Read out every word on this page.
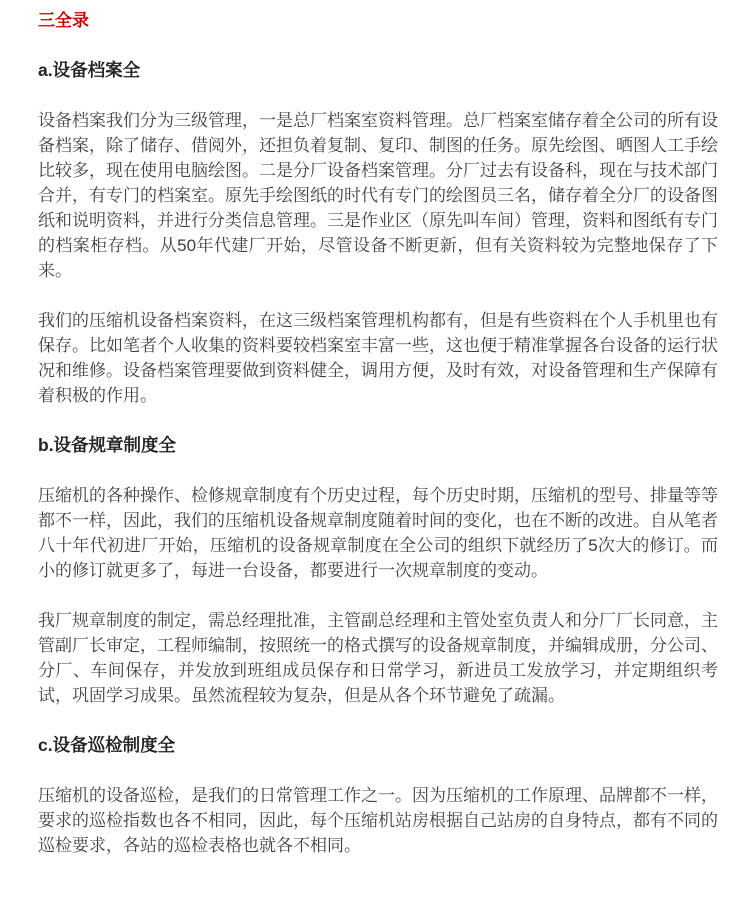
三全录
a.设备档案全

设备档案我们分为三级管理，一是总厂档案室资料管理。总厂档案室储存着全公司的所有设备档案，除了储存、借阅外，还担负着复制、复印、制图的任务。原先绘图、晒图人工手绘比较多，现在使用电脑绘图。二是分厂设备档案管理。分厂过去有设备科，现在与技术部门合并，有专门的档案室。原先手绘图纸的时代有专门的绘图员三名，储存着全分厂的设备图纸和说明资料，并进行分类信息管理。三是作业区（原先叫车间）管理，资料和图纸有专门的档案柜存档。从50年代建厂开始，尽管设备不断更新，但有关资料较为完整地保存了下来。

我们的压缩机设备档案资料，在这三级档案管理机构都有，但是有些资料在个人手机里也有保存。比如笔者个人收集的资料要较档案室丰富一些，这也便于精准掌握各台设备的运行状况和维修。设备档案管理要做到资料健全，调用方便，及时有效，对设备管理和生产保障有着积极的作用。

b.设备规章制度全

压缩机的各种操作、检修规章制度有个历史过程，每个历史时期，压缩机的型号、排量等等都不一样，因此，我们的压缩机设备规章制度随着时间的变化，也在不断的改进。自从笔者八十年代初进厂开始，压缩机的设备规章制度在全公司的组织下就经历了5次大的修订。而小的修订就更多了，每进一台设备，都要进行一次规章制度的变动。

我厂规章制度的制定，需总经理批准，主管副总经理和主管处室负责人和分厂厂长同意，主管副厂长审定，工程师编制，按照统一的格式撰写的设备规章制度，并编辑成册，分公司、分厂、车间保存，并发放到班组成员保存和日常学习，新进员工发放学习，并定期组织考试，巩固学习成果。虽然流程较为复杂，但是从各个环节避免了疏漏。

c.设备巡检制度全

压缩机的设备巡检，是我们的日常管理工作之一。因为压缩机的工作原理、品牌都不一样，要求的巡检指数也各不相同，因此，每个压缩机站房根据自己站房的自身特点，都有不同的巡检要求，各站的巡检表格也就各不相同。
